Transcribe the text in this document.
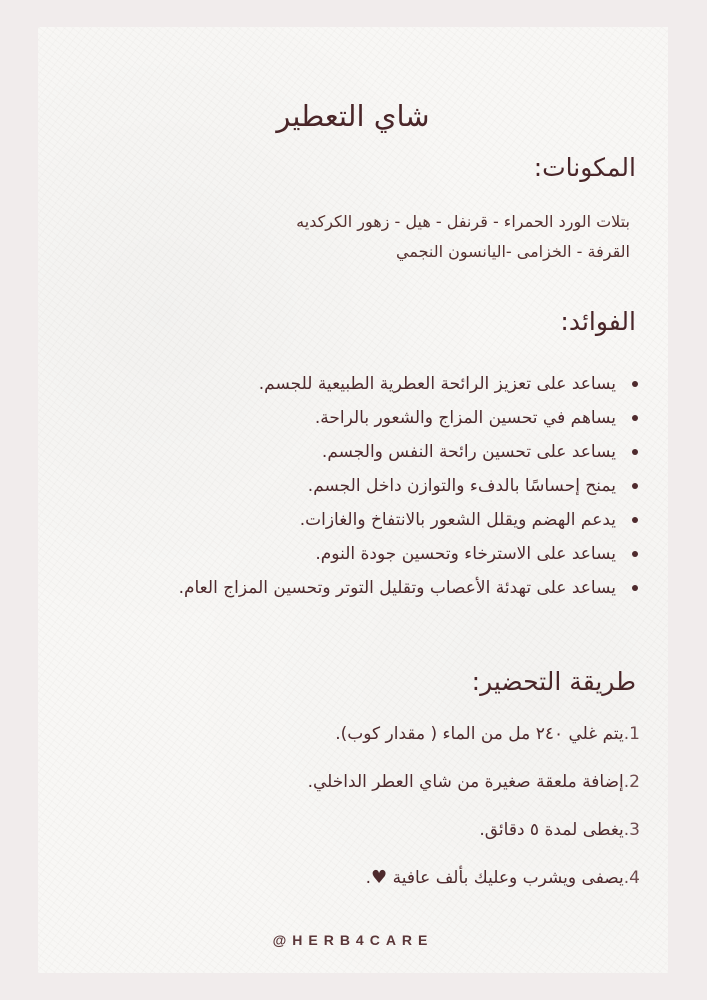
شاي التعطير
المكونات:
بتلات الورد الحمراء - قرنفل - هيل - زهور الكركديه
القرفة - الخزامى -اليانسون النجمي
الفوائد:
يساعد على تعزيز الرائحة العطرية الطبيعية للجسم.
يساهم في تحسين المزاج والشعور بالراحة.
يساعد على تحسين رائحة النفس والجسم.
يمنح إحساسًا بالدفء والتوازن داخل الجسم.
يدعم الهضم ويقلل الشعور بالانتفاخ والغازات.
يساعد على الاسترخاء وتحسين جودة النوم.
يساعد على تهدئة الأعصاب وتقليل التوتر وتحسين المزاج العام.
طريقة التحضير:
1.يتم غلي ٢٤٠ مل من الماء ( مقدار كوب).
2.إضافة ملعقة صغيرة من شاي العطر الداخلي.
3.يغطى لمدة ٥ دقائق.
4.يصفى ويشرب وعليك بألف عافية ♥.
@HERB4CARE
